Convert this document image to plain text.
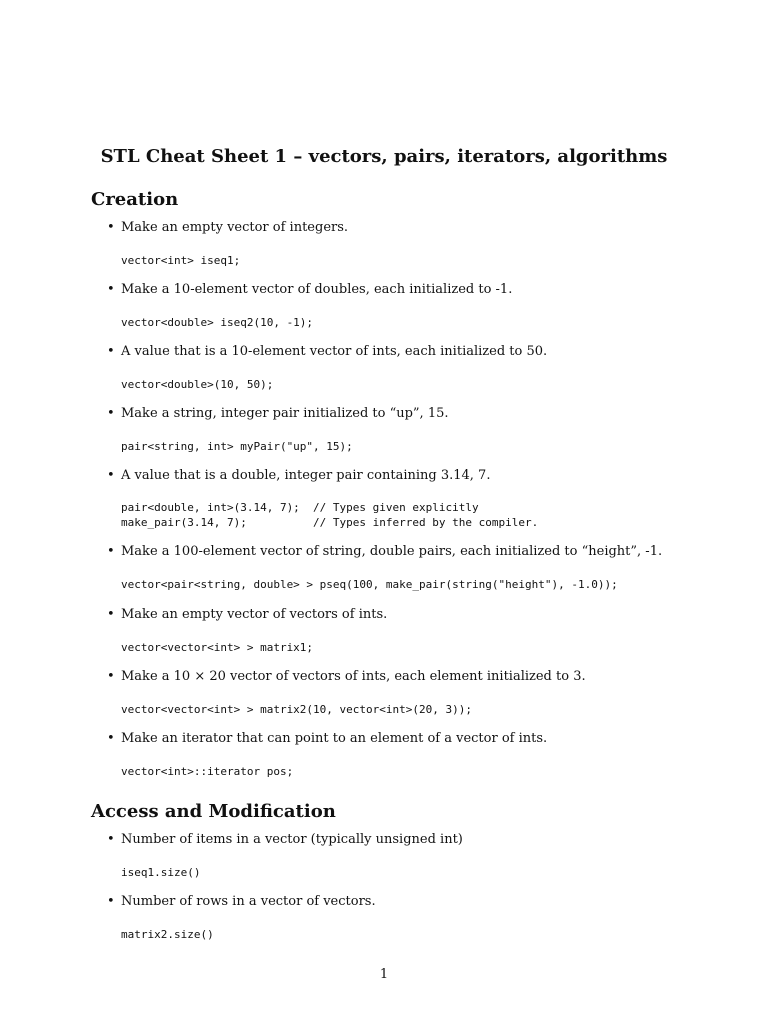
STL Cheat Sheet 1 – vectors, pairs, iterators, algorithms
Creation
• Make an empty vector of integers.
vector<int> iseq1;
• Make a 10-element vector of doubles, each initialized to -1.
vector<double> iseq2(10, -1);
• A value that is a 10-element vector of ints, each initialized to 50.
vector<double>(10, 50);
• Make a string, integer pair initialized to “up”, 15.
pair<string, int> myPair("up", 15);
• A value that is a double, integer pair containing 3.14, 7.
pair<double, int>(3.14, 7);  // Types given explicitly
make_pair(3.14, 7);          // Types inferred by the compiler.
• Make a 100-element vector of string, double pairs, each initialized to “height”, -1.
vector<pair<string, double> > pseq(100, make_pair(string("height"), -1.0));
• Make an empty vector of vectors of ints.
vector<vector<int> > matrix1;
• Make a 10 × 20 vector of vectors of ints, each element initialized to 3.
vector<vector<int> > matrix2(10, vector<int>(20, 3));
• Make an iterator that can point to an element of a vector of ints.
vector<int>::iterator pos;
Access and Modification
• Number of items in a vector (typically unsigned int)
iseq1.size()
• Number of rows in a vector of vectors.
matrix2.size()
1
